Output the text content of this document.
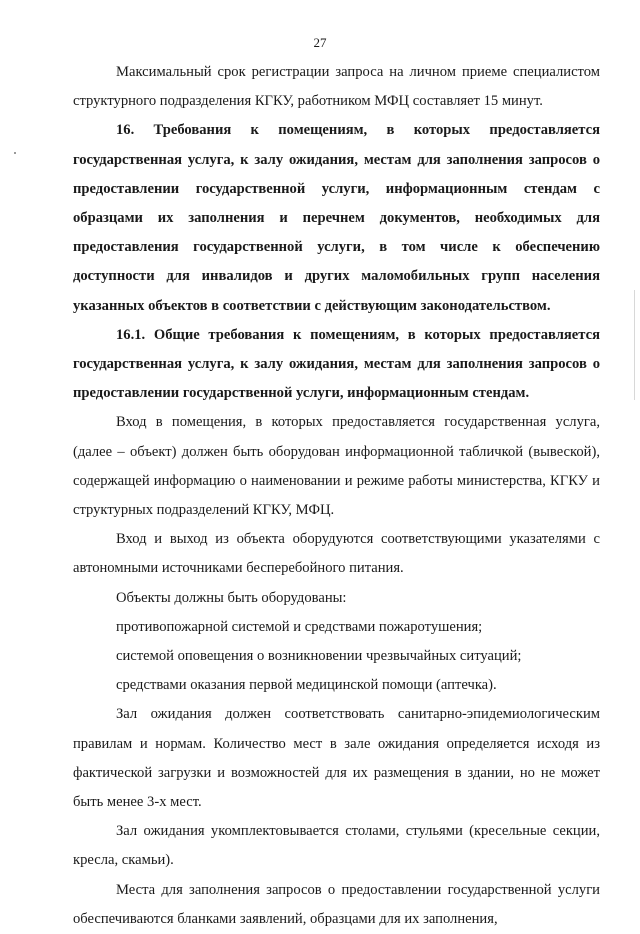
27

Максимальный срок регистрации запроса на личном приеме специалистом структурного подразделения КГКУ, работником МФЦ составляет 15 минут.

16. Требования к помещениям, в которых предоставляется государственная услуга, к залу ожидания, местам для заполнения запросов о предоставлении государственной услуги, информационным стендам с образцами их заполнения и перечнем документов, необходимых для предоставления государственной услуги, в том числе к обеспечению доступности для инвалидов и других маломобильных групп населения указанных объектов в соответствии с действующим законодательством.

16.1. Общие требования к помещениям, в которых предоставляется государственная услуга, к залу ожидания, местам для заполнения запросов о предоставлении государственной услуги, информационным стендам.

Вход в помещения, в которых предоставляется государственная услуга, (далее – объект) должен быть оборудован информационной табличкой (вывеской), содержащей информацию о наименовании и режиме работы министерства, КГКУ и структурных подразделений КГКУ, МФЦ.

Вход и выход из объекта оборудуются соответствующими указателями с автономными источниками бесперебойного питания.

Объекты должны быть оборудованы:

противопожарной системой и средствами пожаротушения;

системой оповещения о возникновении чрезвычайных ситуаций;

средствами оказания первой медицинской помощи (аптечка).

Зал ожидания должен соответствовать санитарно-эпидемиологическим правилам и нормам. Количество мест в зале ожидания определяется исходя из фактической загрузки и возможностей для их размещения в здании, но не может быть менее 3-х мест.

Зал ожидания укомплектовывается столами, стульями (кресельные секции, кресла, скамьи).

Места для заполнения запросов о предоставлении государственной услуги обеспечиваются бланками заявлений, образцами для их заполнения,
